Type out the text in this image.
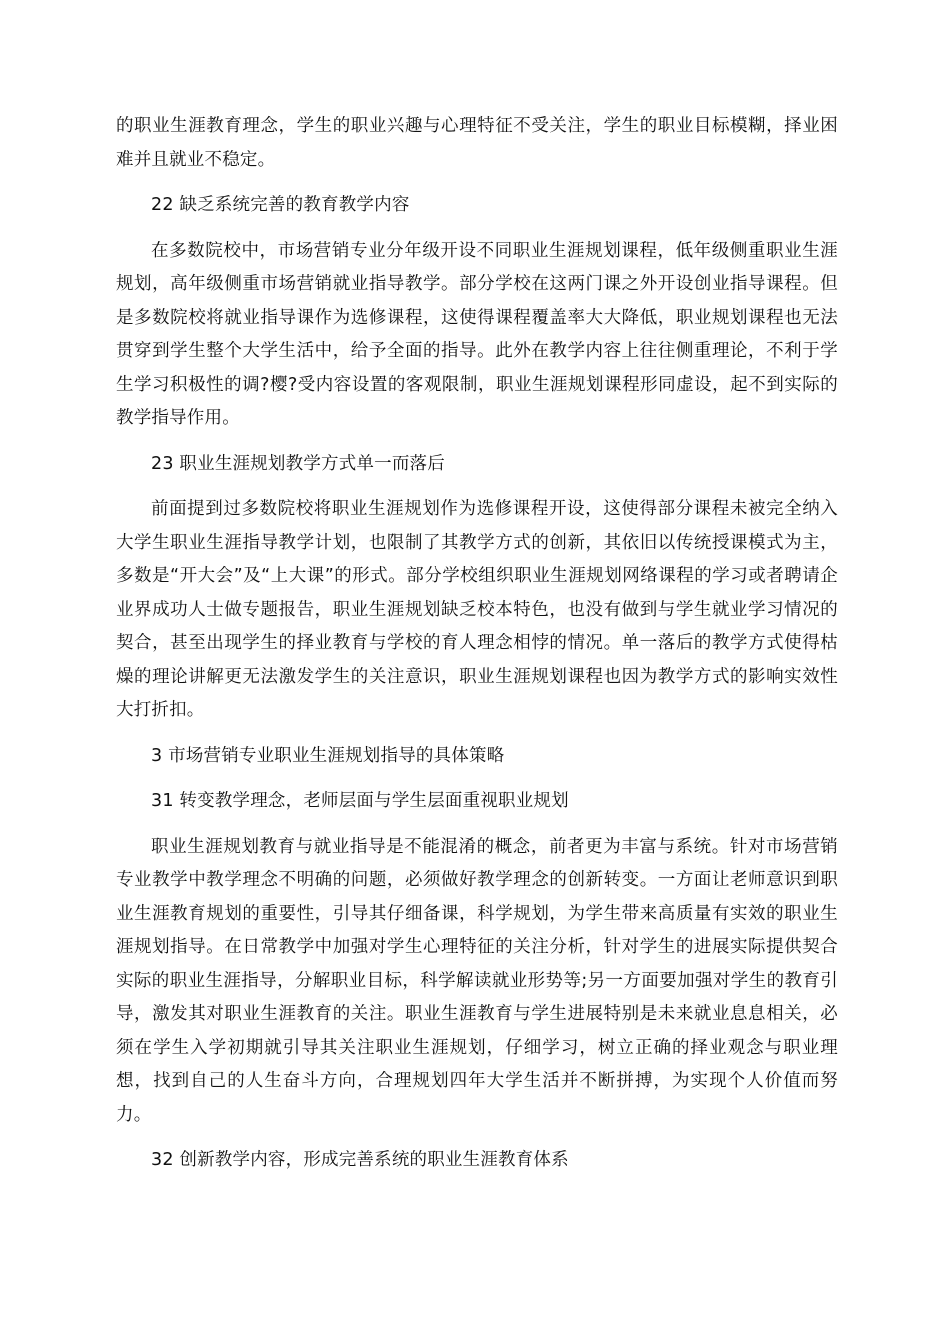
的职业生涯教育理念，学生的职业兴趣与心理特征不受关注，学生的职业目标模糊，择业困难并且就业不稳定。

22 缺乏系统完善的教育教学内容

在多数院校中，市场营销专业分年级开设不同职业生涯规划课程，低年级侧重职业生涯规划，高年级侧重市场营销就业指导教学。部分学校在这两门课之外开设创业指导课程。但是多数院校将就业指导课作为选修课程，这使得课程覆盖率大大降低，职业规划课程也无法贯穿到学生整个大学生活中，给予全面的指导。此外在教学内容上往往侧重理论，不利于学生学习积极性的调?樱?受内容设置的客观限制，职业生涯规划课程形同虚设，起不到实际的教学指导作用。

23 职业生涯规划教学方式单一而落后

前面提到过多数院校将职业生涯规划作为选修课程开设，这使得部分课程未被完全纳入大学生职业生涯指导教学计划，也限制了其教学方式的创新，其依旧以传统授课模式为主，多数是“开大会”及“上大课”的形式。部分学校组织职业生涯规划网络课程的学习或者聘请企业界成功人士做专题报告，职业生涯规划缺乏校本特色，也没有做到与学生就业学习情况的契合，甚至出现学生的择业教育与学校的育人理念相悖的情况。单一落后的教学方式使得枯燥的理论讲解更无法激发学生的关注意识，职业生涯规划课程也因为教学方式的影响实效性大打折扣。

3 市场营销专业职业生涯规划指导的具体策略

31 转变教学理念，老师层面与学生层面重视职业规划

职业生涯规划教育与就业指导是不能混淆的概念，前者更为丰富与系统。针对市场营销专业教学中教学理念不明确的问题，必须做好教学理念的创新转变。一方面让老师意识到职业生涯教育规划的重要性，引导其仔细备课，科学规划，为学生带来高质量有实效的职业生涯规划指导。在日常教学中加强对学生心理特征的关注分析，针对学生的进展实际提供契合实际的职业生涯指导，分解职业目标，科学解读就业形势等;另一方面要加强对学生的教育引导，激发其对职业生涯教育的关注。职业生涯教育与学生进展特别是未来就业息息相关，必须在学生入学初期就引导其关注职业生涯规划，仔细学习，树立正确的择业观念与职业理想，找到自己的人生奋斗方向，合理规划四年大学生活并不断拼搏，为实现个人价值而努力。

32 创新教学内容，形成完善系统的职业生涯教育体系
